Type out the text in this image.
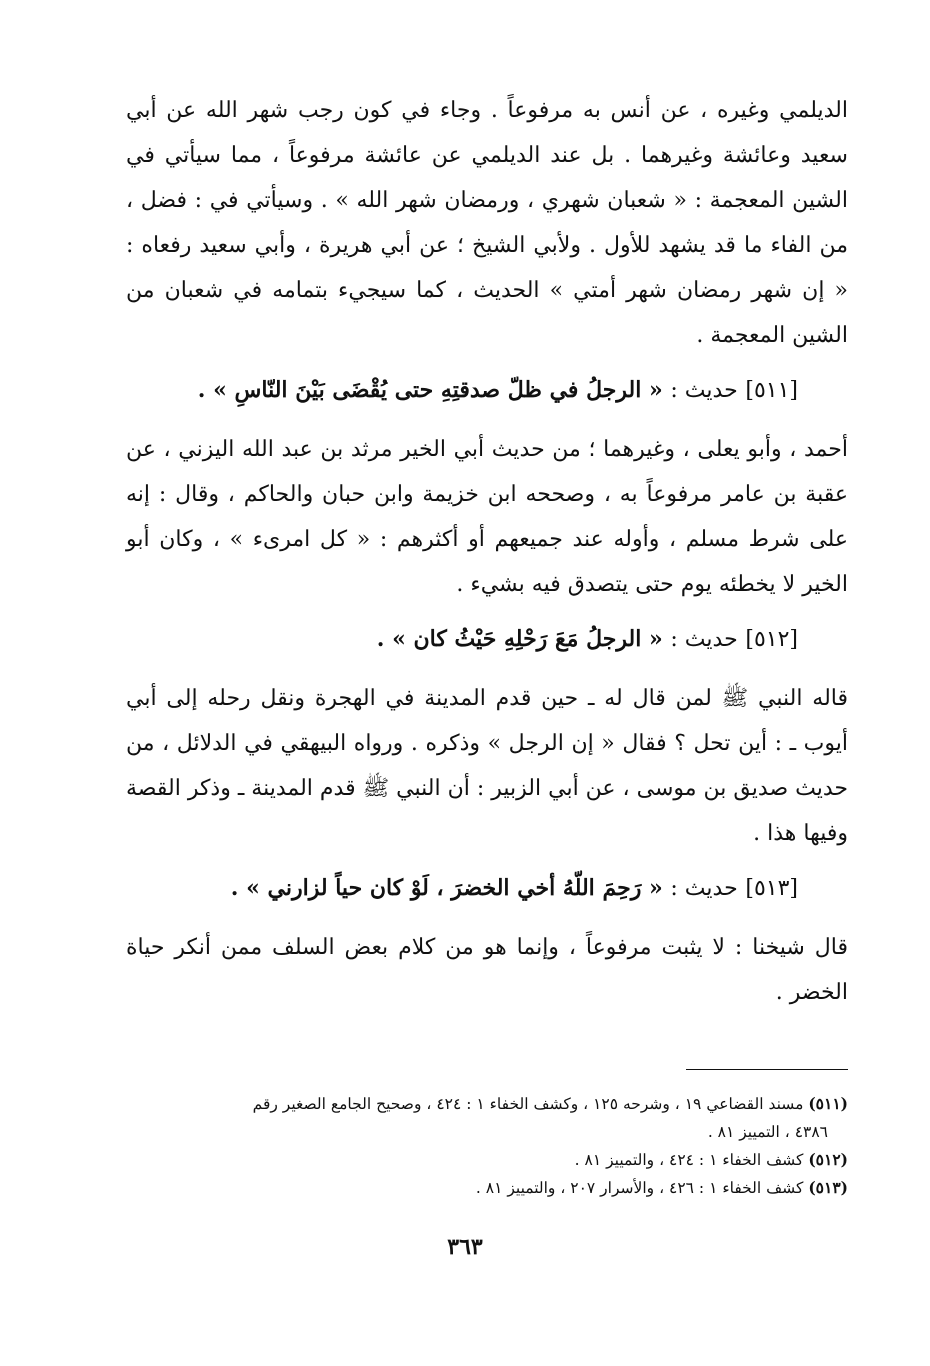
الديلمي وغيره ، عن أنس به مرفوعاً . وجاء في كون رجب شهر الله عن أبي سعيد وعائشة وغيرهما . بل عند الديلمي عن عائشة مرفوعاً ، مما سيأتي في الشين المعجمة : « شعبان شهري ، ورمضان شهر الله » . وسيأتي في : فضل ، من الفاء ما قد يشهد للأول . ولأبي الشيخ ؛ عن أبي هريرة ، وأبي سعيد رفعاه : « إن شهر رمضان شهر أمتي » الحديث ، كما سيجيء بتمامه في شعبان من الشين المعجمة .

[٥١١] حديث : « الرجلُ في ظلّ صدقتِهِ حتى يُقْضَى بَيْنَ النّاسِ » .

أحمد ، وأبو يعلى ، وغيرهما ؛ من حديث أبي الخير مرثد بن عبد الله اليزني ، عن عقبة بن عامر مرفوعاً به ، وصححه ابن خزيمة وابن حبان والحاكم ، وقال : إنه على شرط مسلم ، وأوله عند جميعهم أو أكثرهم : « كل امرىء » ، وكان أبو الخير لا يخطئه يوم حتى يتصدق فيه بشيء .

[٥١٢] حديث : « الرجلُ مَعَ رَحْلِهِ حَيْثُ كان » .

قاله النبي ﷺ لمن قال له ـ حين قدم المدينة في الهجرة ونقل رحله إلى أبي أيوب ـ : أين تحل ؟ فقال « إن الرجل » وذكره . ورواه البيهقي في الدلائل ، من حديث صديق بن موسى ، عن أبي الزبير : أن النبي ﷺ قدم المدينة ـ وذكر القصة وفيها هذا .

[٥١٣] حديث : « رَحِمَ اللّهُ أخي الخضرَ ، لَوْ كان حياً لزارني » .

قال شيخنا : لا يثبت مرفوعاً ، وإنما هو من كلام بعض السلف ممن أنكر حياة الخضر .

(٥١١) مسند القضاعي ١٩ ، وشرحه ١٢٥ ، وكشف الخفاء ١ : ٤٢٤ ، وصحيح الجامع الصغير رقم

٤٣٨٦ ، التمييز ٨١ .

(٥١٢) كشف الخفاء ١ : ٤٢٤ ، والتمييز ٨١ .

(٥١٣) كشف الخفاء ١ : ٤٢٦ ، والأسرار ٢٠٧ ، والتمييز ٨١ .

٣٦٣
